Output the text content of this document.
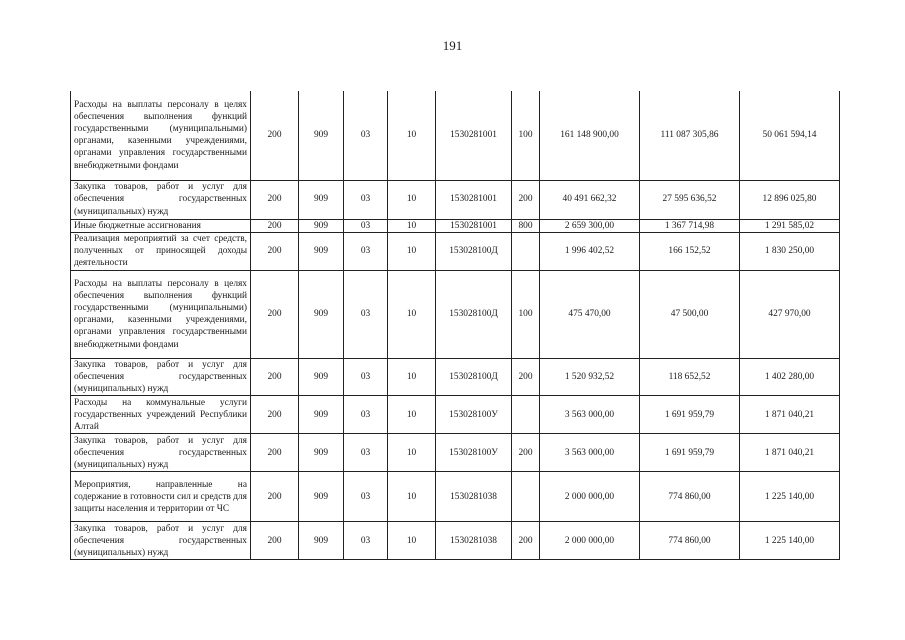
191
Расходы на выплаты персоналу в целях обеспечения выполнения функций государственными (муниципальными) органами, казенными учреждениями, органами управления государственными внебюджетными фондами	200	909	03	10	1530281001	100	161 148 900,00	111 087 305,86	50 061 594,14
Закупка товаров, работ и услуг для обеспечения государственных (муниципальных) нужд	200	909	03	10	1530281001	200	40 491 662,32	27 595 636,52	12 896 025,80
Иные бюджетные ассигнования	200	909	03	10	1530281001	800	2 659 300,00	1 367 714,98	1 291 585,02
Реализация мероприятий за счет средств, полученных от приносящей доходы деятельности	200	909	03	10	153028100Д		1 996 402,52	166 152,52	1 830 250,00
Расходы на выплаты персоналу в целях обеспечения выполнения функций государственными (муниципальными) органами, казенными учреждениями, органами управления государственными внебюджетными фондами	200	909	03	10	153028100Д	100	475 470,00	47 500,00	427 970,00
Закупка товаров, работ и услуг для обеспечения государственных (муниципальных) нужд	200	909	03	10	153028100Д	200	1 520 932,52	118 652,52	1 402 280,00
Расходы на коммунальные услуги государственных учреждений Республики Алтай	200	909	03	10	153028100У		3 563 000,00	1 691 959,79	1 871 040,21
Закупка товаров, работ и услуг для обеспечения государственных (муниципальных) нужд	200	909	03	10	153028100У	200	3 563 000,00	1 691 959,79	1 871 040,21
Мероприятия, направленные на содержание в готовности сил и средств для защиты населения и территории от ЧС	200	909	03	10	1530281038		2 000 000,00	774 860,00	1 225 140,00
Закупка товаров, работ и услуг для обеспечения государственных (муниципальных) нужд	200	909	03	10	1530281038	200	2 000 000,00	774 860,00	1 225 140,00
